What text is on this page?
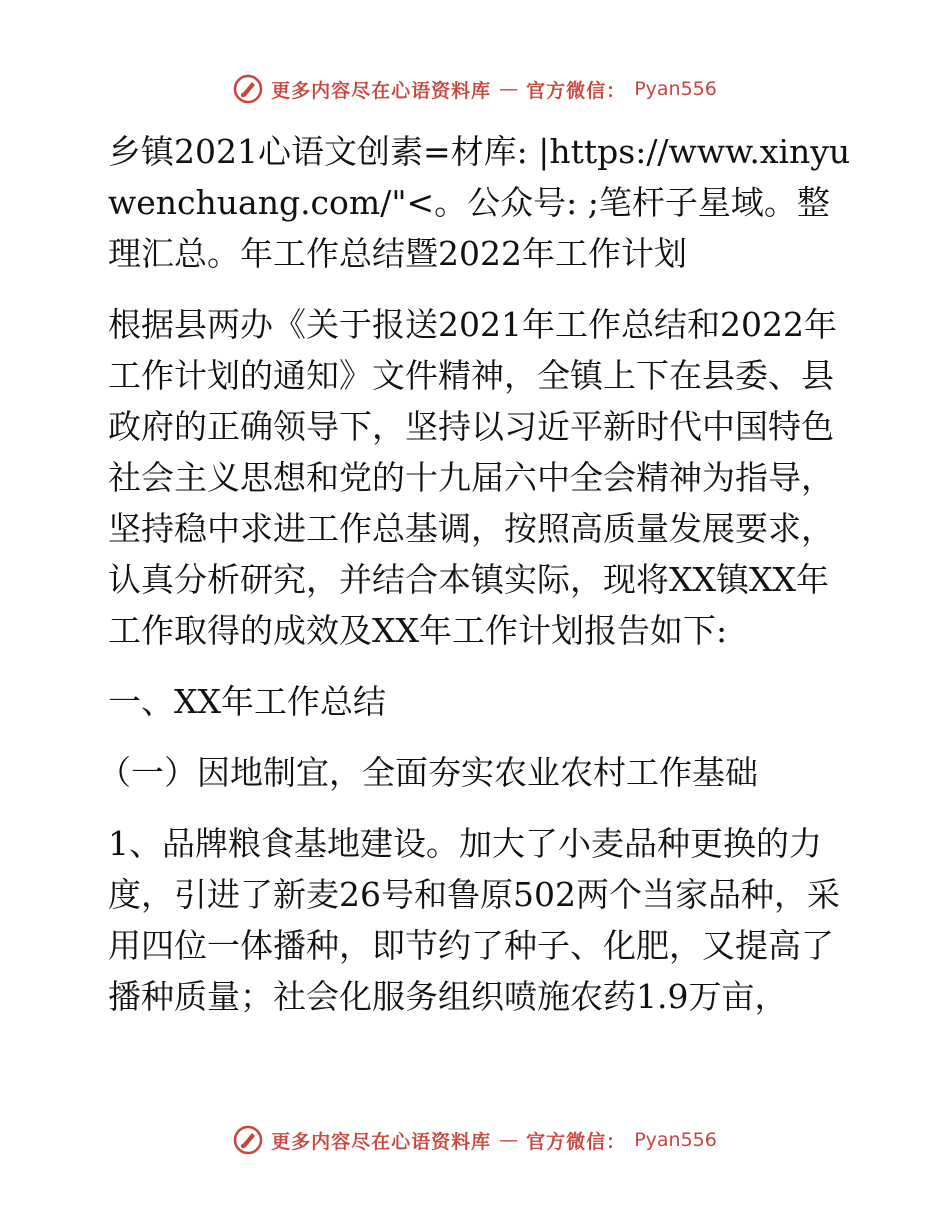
更多内容尽在心语资料库 — 官方微信： Pyan556

乡镇2021心语文创素=材库: |https://www.xinyuwenchuang.com/"<。公众号: ;笔杆子星域。整理汇总。年工作总结暨2022年工作计划

根据县两办《关于报送2021年工作总结和2022年工作计划的通知》文件精神，全镇上下在县委、县政府的正确领导下，坚持以习近平新时代中国特色社会主义思想和党的十九届六中全会精神为指导，坚持稳中求进工作总基调，按照高质量发展要求，认真分析研究，并结合本镇实际，现将XX镇XX年工作取得的成效及XX年工作计划报告如下:

一、XX年工作总结

（一）因地制宜，全面夯实农业农村工作基础

1、品牌粮食基地建设。加大了小麦品种更换的力度，引进了新麦26号和鲁原502两个当家品种，采用四位一体播种，即节约了种子、化肥，又提高了播种质量；社会化服务组织喷施农药1.9万亩，

更多内容尽在心语资料库 — 官方微信： Pyan556
